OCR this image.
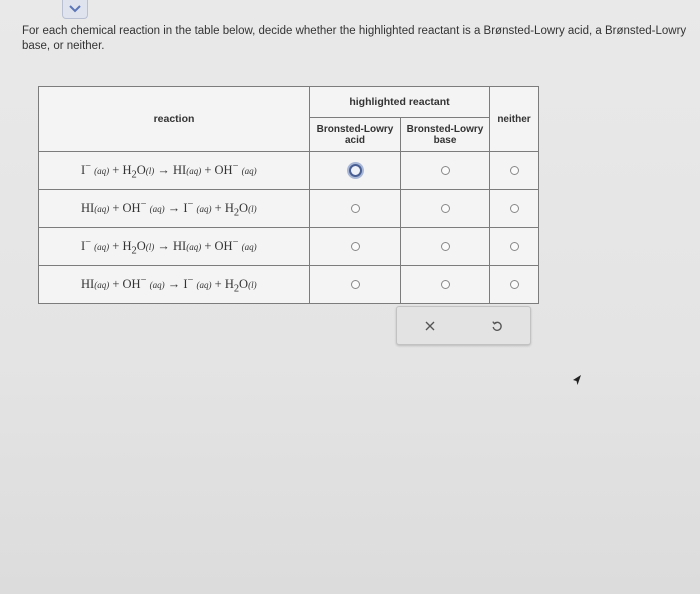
For each chemical reaction in the table below, decide whether the highlighted reactant is a Brønsted-Lowry acid, a Brønsted-Lowry base, or neither.
reaction	highlighted reactant		neither
	Bronsted-Lowry acid	Bronsted-Lowry base	
I− $(aq) + H_2O(l) \to HI(aq) + OH^-$ (aq)			
HI(aq) + OH− (aq) → I− $(aq) + H_2O(l)$			
I− $(aq) + H_2O(l) \to HI(aq) + OH^-$ (aq)			
HI(aq) + OH− (aq) → I− $(aq) + H_2O(l)$			
